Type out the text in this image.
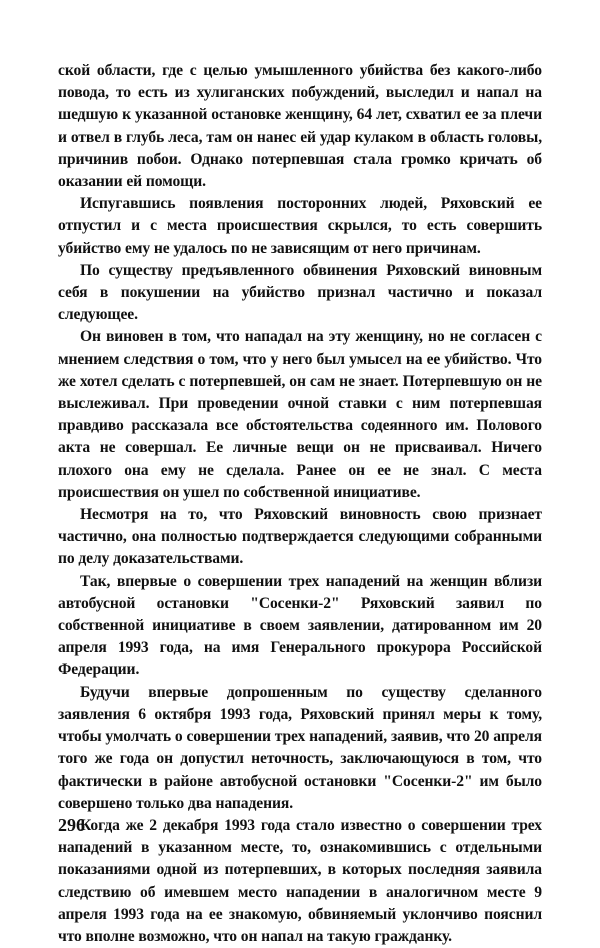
ской области, где с целью умышленного убийства без какого-либо повода, то есть из хулиганских побуждений, выследил и напал на шедшую к указанной остановке женщину, 64 лет, схватил ее за плечи и отвел в глубь леса, там он нанес ей удар кулаком в область головы, причинив побои. Однако потерпевшая стала громко кричать об оказании ей помощи.

Испугавшись появления посторонних людей, Ряховский ее отпустил и с места происшествия скрылся, то есть совершить убийство ему не удалось по не зависящим от него причинам.

По существу предъявленного обвинения Ряховский виновным себя в покушении на убийство признал частично и показал следующее.

Он виновен в том, что нападал на эту женщину, но не согласен с мнением следствия о том, что у него был умысел на ее убийство. Что же хотел сделать с потерпевшей, он сам не знает. Потерпевшую он не выслеживал. При проведении очной ставки с ним потерпевшая правдиво рассказала все обстоятельства содеянного им. Полового акта не совершал. Ее личные вещи он не присваивал. Ничего плохого она ему не сделала. Ранее он ее не знал. С места происшествия он ушел по собственной инициативе.

Несмотря на то, что Ряховский виновность свою признает частично, она полностью подтверждается следующими собранными по делу доказательствами.

Так, впервые о совершении трех нападений на женщин вблизи автобусной остановки "Сосенки-2" Ряховский заявил по собственной инициативе в своем заявлении, датированном им 20 апреля 1993 года, на имя Генерального прокурора Российской Федерации.

Будучи впервые допрошенным по существу сделанного заявления 6 октября 1993 года, Ряховский принял меры к тому, чтобы умолчать о совершении трех нападений, заявив, что 20 апреля того же года он допустил неточность, заключающуюся в том, что фактически в районе автобусной остановки "Сосенки-2" им было совершено только два нападения.

Когда же 2 декабря 1993 года стало известно о совершении трех нападений в указанном месте, то, ознакомившись с отдельными показаниями одной из потерпевших, в которых последняя заявила следствию об имевшем место нападении в аналогичном месте 9 апреля 1993 года на ее знакомую, обвиняемый уклончиво пояснил что вполне возможно, что он напал на такую гражданку.

296
